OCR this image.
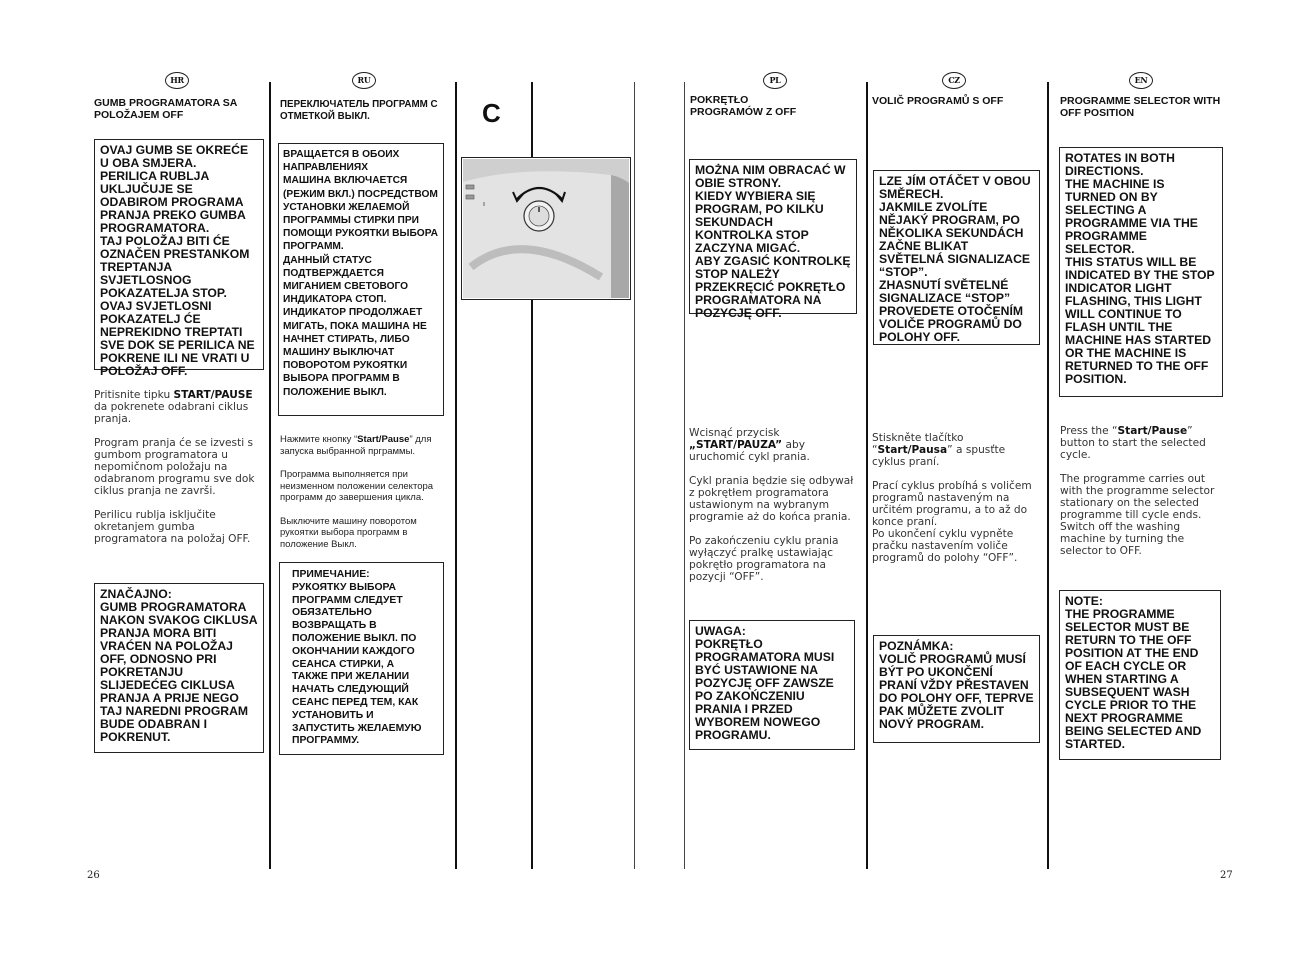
HR
GUMB PROGRAMATORA SA POLOŽAJEM OFF
OVAJ GUMB SE OKREĆE U OBA SMJERA.
PERILICA RUBLJA UKLJUČUJE SE ODABIROM PROGRAMA PRANJA PREKO GUMBA PROGRAMATORA.
TAJ POLOŽAJ BITI ĆE OZNAČEN PRESTANKOM TREPTANJA SVJETLOSNOG POKAZATELJA STOP.
OVAJ SVJETLOSNI POKAZATELJ ĆE NEPREKIDNO TREPTATI SVE DOK SE PERILICA NE POKRENE ILI NE VRATI U POLOŽAJ OFF.

Pritisnite tipku START/PAUSE da pokrenete odabrani ciklus pranja.

Program pranja će se izvesti s gumbom programatora u nepomičnom položaju na odabranom programu sve dok ciklus pranja ne završi.

Perilicu rublja isključite okretanjem gumba programatora na položaj OFF.

ZNAČAJNO:
GUMB PROGRAMATORA NAKON SVAKOG CIKLUSA PRANJA MORA BITI VRAĆEN NA POLOŽAJ OFF, ODNOSNO PRI POKRETANJU SLIJEDEĆEG CIKLUSA PRANJA A PRIJE NEGO TAJ NAREDNI PROGRAM BUDE ODABRAN I POKRENUT.
26
RU
ПЕРЕКЛЮЧАТЕЛЬ ПРОГРАММ С ОТМЕТКОЙ ВЫКЛ.
ВРАЩАЕТСЯ В ОБОИХ НАПРАВЛЕНИЯХ
МАШИНА ВКЛЮЧАЕТСЯ (РЕЖИМ ВКЛ.) ПОСРЕДСТВОМ УСТАНОВКИ ЖЕЛАЕМОЙ ПРОГРАММЫ СТИРКИ ПРИ ПОМОЩИ РУКОЯТКИ ВЫБОРА ПРОГРАММ.
ДАННЫЙ СТАТУС ПОДТВЕРЖДАЕТСЯ МИГАНИЕМ СВЕТОВОГО ИНДИКАТОРА СТОП.
ИНДИКАТОР ПРОДОЛЖАЕТ МИГАТЬ, ПОКА МАШИНА НЕ НАЧНЕТ СТИРАТЬ, ЛИБО МАШИНУ ВЫКЛЮЧАТ ПОВОРОТОМ РУКОЯТКИ ВЫБОРА ПРОГРАММ В ПОЛОЖЕНИЕ ВЫКЛ.

Нажмите кнопку “Start/Pause” для запуска выбранной прграммы.

Программа выполняется при неизменном положении селектора программ до завершения цикла.

Выключите машину поворотом рукоятки выбора программ в положение Выкл.

ПРИМЕЧАНИЕ:
РУКОЯТКУ ВЫБОРА ПРОГРАММ СЛЕДУЕТ ОБЯЗАТЕЛЬНО ВОЗВРАЩАТЬ В ПОЛОЖЕНИЕ ВЫКЛ. ПО ОКОНЧАНИИ КАЖДОГО СЕАНСА СТИРКИ, А ТАКЖЕ ПРИ ЖЕЛАНИИ НАЧАТЬ СЛЕДУЮЩИЙ СЕАНС ПЕРЕД ТЕМ, КАК УСТАНОВИТЬ И ЗАПУСТИТЬ ЖЕЛАЕМУЮ ПРОГРАММУ.
C
PL
POKRĘTŁO
PROGRAMÓW Z OFF
MOŻNA NIM OBRACAĆ W OBIE STRONY.
KIEDY WYBIERA SIĘ PROGRAM, PO KILKU SEKUNDACH KONTROLKA STOP ZACZYNA MIGAĆ.
ABY ZGASIĆ KONTROLKĘ STOP NALEŻY PRZEKRĘCIĆ POKRĘTŁO PROGRAMATORA NA POZYCJĘ OFF.

Wcisnąć przycisk „START/PAUZA” aby uruchomić cykl prania.

Cykl prania będzie się odbywał z pokrętłem programatora ustawionym na wybranym programie aż do końca prania.

Po zakończeniu cyklu prania wyłączyć pralkę ustawiając pokrętło programatora na pozycji “OFF”.

UWAGA:
POKRĘTŁO PROGRAMATORA MUSI BYĆ USTAWIONE NA POZYCJĘ OFF ZAWSZE PO ZAKOŃCZENIU PRANIA I PRZED WYBOREM NOWEGO PROGRAMU.
CZ
VOLIČ PROGRAMŮ S OFF
LZE JÍM OTÁČET V OBOU SMĚRECH.
JAKMILE ZVOLÍTE NĚJAKÝ PROGRAM, PO NĚKOLIKA SEKUNDÁCH ZAČNE BLIKAT SVĚTELNÁ SIGNALIZACE “STOP”.
ZHASNUTÍ SVĚTELNÉ SIGNALIZACE “STOP” PROVEDETE OTOČENÍM VOLIČE PROGRAMŮ DO POLOHY OFF.

Stiskněte tlačítko “Start/Pausa” a spusťte cyklus praní.

Prací cyklus probíhá s voličem programů nastaveným na určitém programu, a to až do konce praní.
Po ukončení cyklu vypněte pračku nastavením voliče programů do polohy “OFF”.

POZNÁMKA:
VOLIČ PROGRAMŮ MUSÍ BÝT PO UKONČENÍ PRANÍ VŽDY PŘESTAVEN DO POLOHY OFF, TEPRVE PAK MŮŽETE ZVOLIT NOVÝ PROGRAM.
EN
PROGRAMME SELECTOR WITH OFF POSITION
ROTATES IN BOTH DIRECTIONS.
THE MACHINE IS TURNED ON BY SELECTING A PROGRAMME VIA THE PROGRAMME SELECTOR.
THIS STATUS WILL BE INDICATED BY THE STOP INDICATOR LIGHT FLASHING, THIS LIGHT WILL CONTINUE TO FLASH UNTIL THE MACHINE HAS STARTED OR THE MACHINE IS RETURNED TO THE OFF POSITION.

Press the “Start/Pause” button to start the selected cycle.

The programme carries out with the programme selector stationary on the selected programme till cycle ends.
Switch off the washing machine by turning the selector to OFF.

NOTE:
THE PROGRAMME SELECTOR MUST BE RETURN TO THE OFF POSITION AT THE END OF EACH CYCLE OR WHEN STARTING A SUBSEQUENT WASH CYCLE PRIOR TO THE NEXT PROGRAMME BEING SELECTED AND STARTED.
27
